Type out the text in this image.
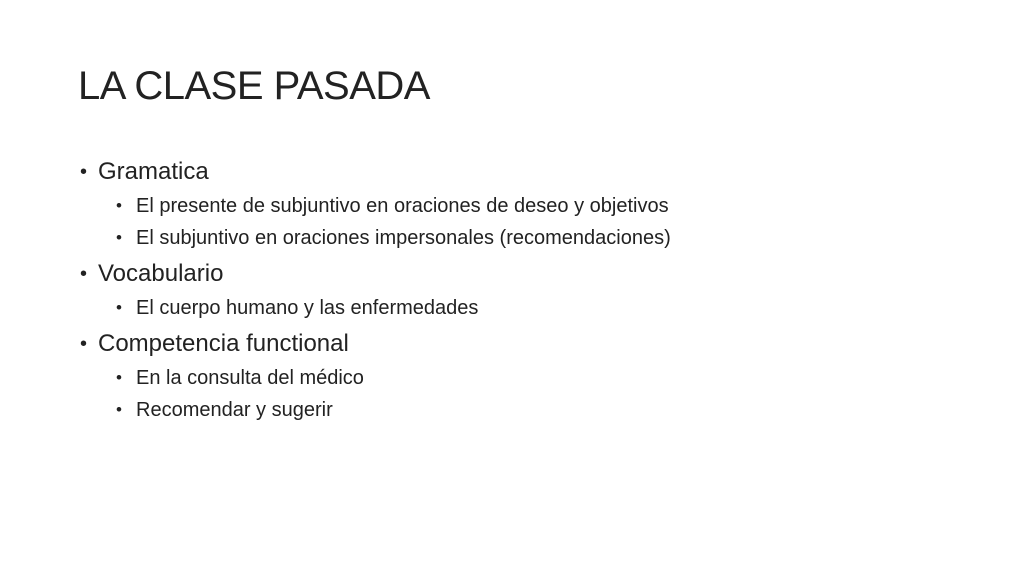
LA CLASE PASADA
• Gramatica
• El presente de subjuntivo en oraciones de deseo y objetivos
• El subjuntivo en oraciones impersonales (recomendaciones)
• Vocabulario
• El cuerpo humano y las enfermedades
• Competencia functional
• En la consulta del médico
• Recomendar y sugerir
